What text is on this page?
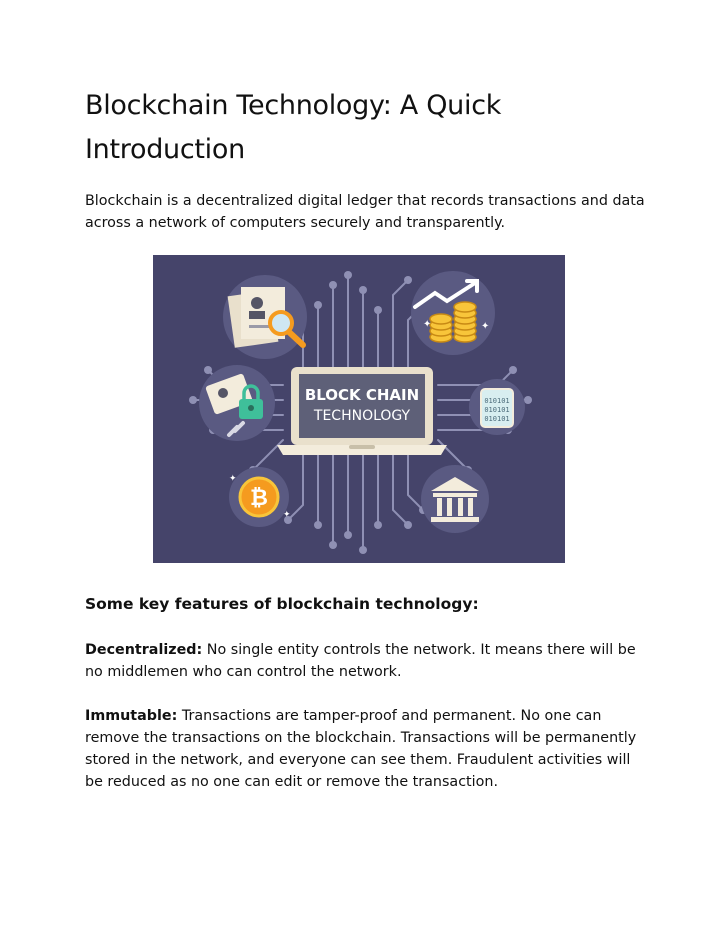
Blockchain Technology: A Quick Introduction

Blockchain is a decentralized digital ledger that records transactions and data across a network of computers securely and transparently.

✦	✦
010101
010101
010101
₿
✦
✦
BLOCK CHAIN
TECHNOLOGY
Some key features of blockchain technology:

Decentralized: No single entity controls the network. It means there will be no middlemen who can control the network.

Immutable: Transactions are tamper-proof and permanent. No one can remove the transactions on the blockchain. Transactions will be permanently stored in the network, and everyone can see them. Fraudulent activities will be reduced as no one can edit or remove the transaction.
